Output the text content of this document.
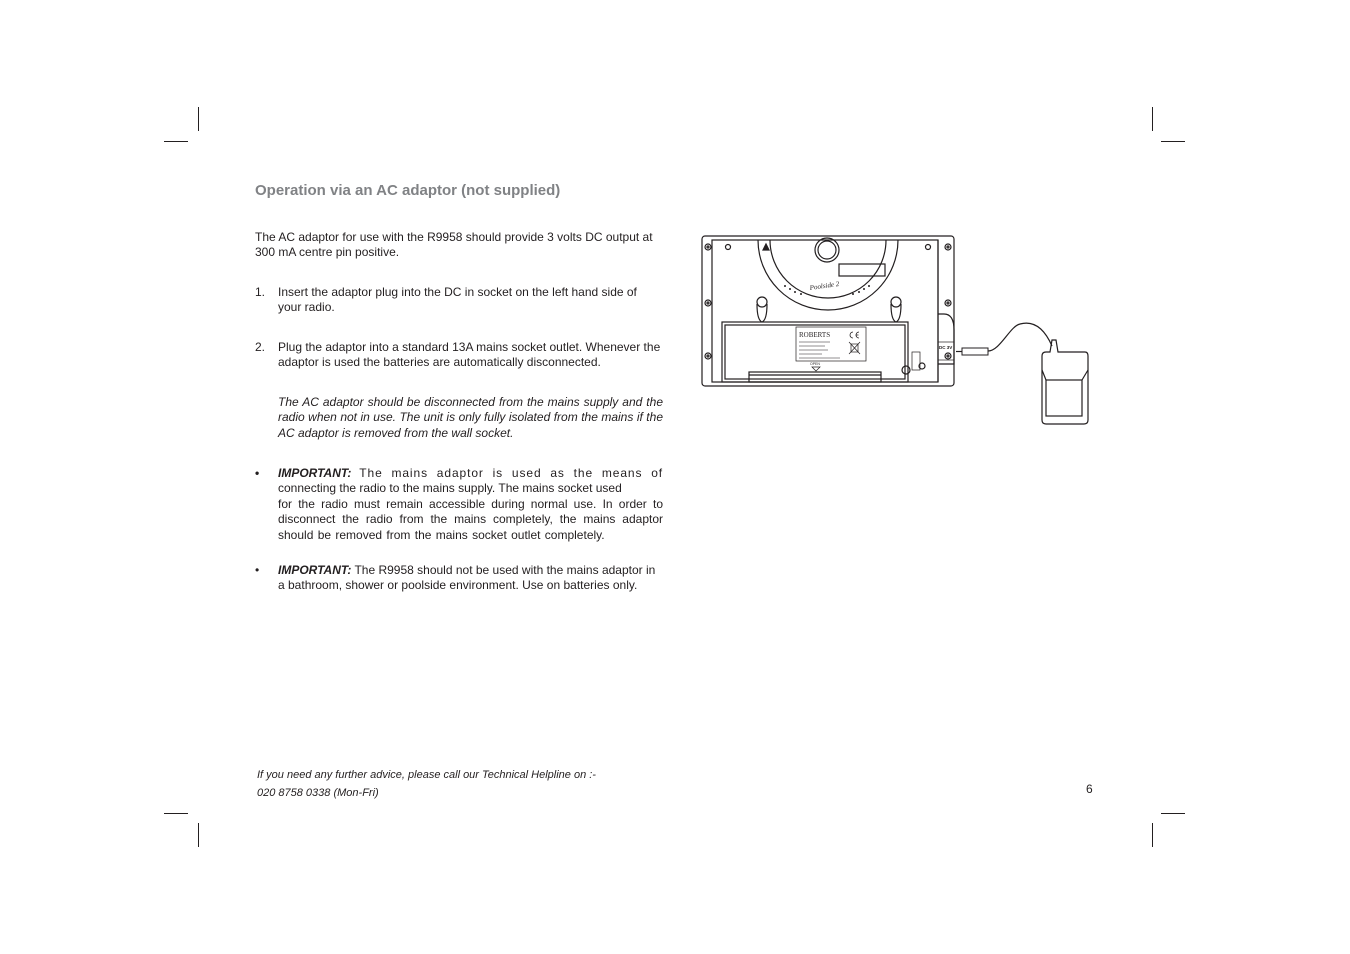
Operation via an AC adaptor (not supplied)

The AC adaptor for use with the R9958 should provide 3 volts DC output at 300 mA centre pin positive.

1. Insert the adaptor plug into the DC in socket on the left hand side of your radio.
2. Plug the adaptor into a standard 13A mains socket outlet. Whenever the adaptor is used the batteries are automatically disconnected.
The AC adaptor should be disconnected from the mains supply and the radio when not in use. The unit is only fully isolated from the mains if the AC adaptor is removed from the wall socket.
• IMPORTANT: The mains adaptor is used as the means of
connecting the radio to the mains supply. The mains socket used
for the radio must remain accessible during normal use. In order to disconnect the radio from the mains completely, the mains adaptor should be removed from the mains socket outlet completely.
• IMPORTANT: The R9958 should not be used with the mains adaptor in a bathroom, shower or poolside environment. Use on batteries only.
If you need any further advice, please call our Technical Helpline on :-
020 8758 0338 (Mon-Fri)	6
ROBERTS
Poolside 2
DC 3V
OPEN
